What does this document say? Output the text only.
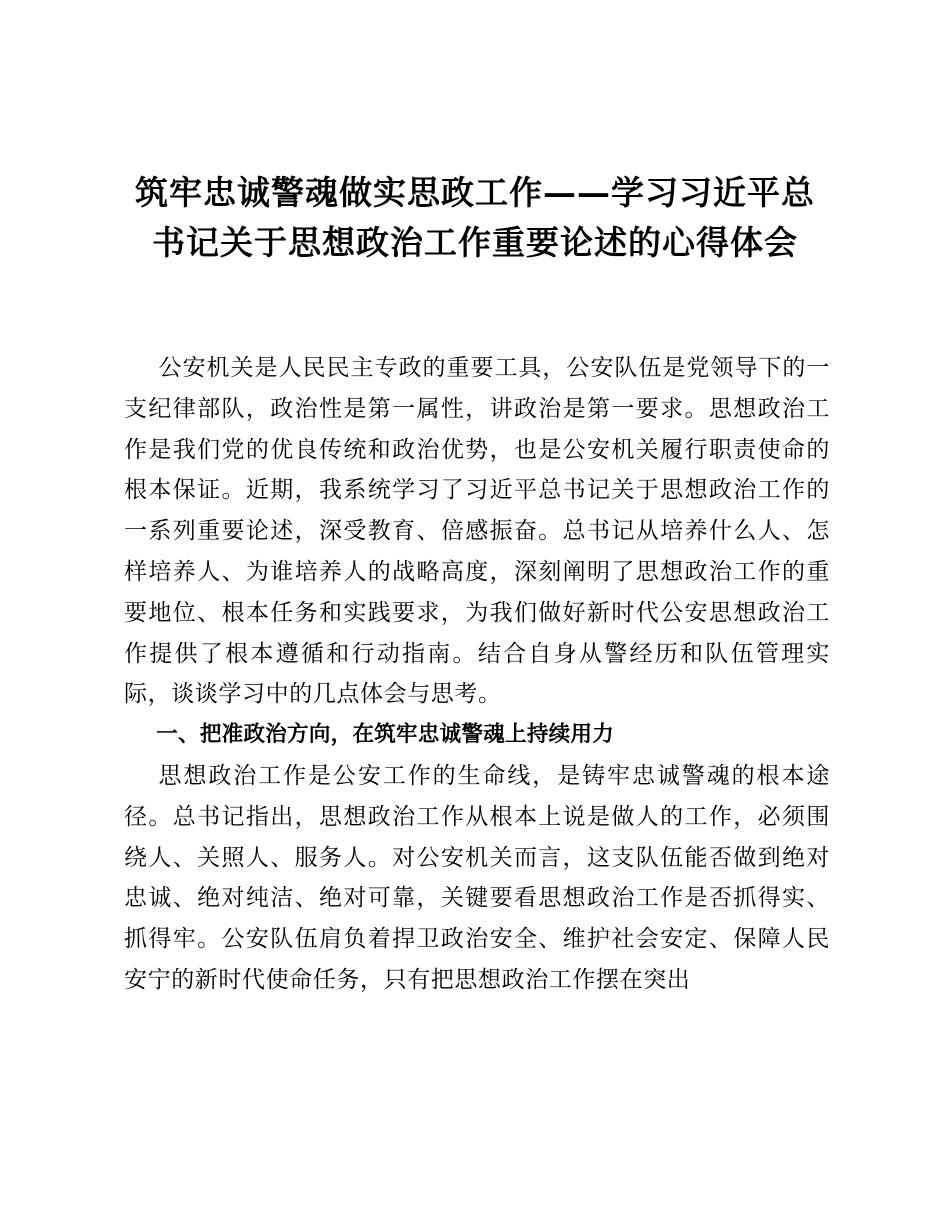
筑牢忠诚警魂做实思政工作——学习习近平总
书记关于思想政治工作重要论述的心得体会

公安机关是人民民主专政的重要工具，公安队伍是党领导下的一支纪律部队，政治性是第一属性，讲政治是第一要求。思想政治工作是我们党的优良传统和政治优势，也是公安机关履行职责使命的根本保证。近期，我系统学习了习近平总书记关于思想政治工作的一系列重要论述，深受教育、倍感振奋。总书记从培养什么人、怎样培养人、为谁培养人的战略高度，深刻阐明了思想政治工作的重要地位、根本任务和实践要求，为我们做好新时代公安思想政治工作提供了根本遵循和行动指南。结合自身从警经历和队伍管理实际，谈谈学习中的几点体会与思考。

一、把准政治方向，在筑牢忠诚警魂上持续用力

思想政治工作是公安工作的生命线，是铸牢忠诚警魂的根本途径。总书记指出，思想政治工作从根本上说是做人的工作，必须围绕人、关照人、服务人。对公安机关而言，这支队伍能否做到绝对忠诚、绝对纯洁、绝对可靠，关键要看思想政治工作是否抓得实、抓得牢。公安队伍肩负着捍卫政治安全、维护社会安定、保障人民安宁的新时代使命任务，只有把思想政治工作摆在突出
